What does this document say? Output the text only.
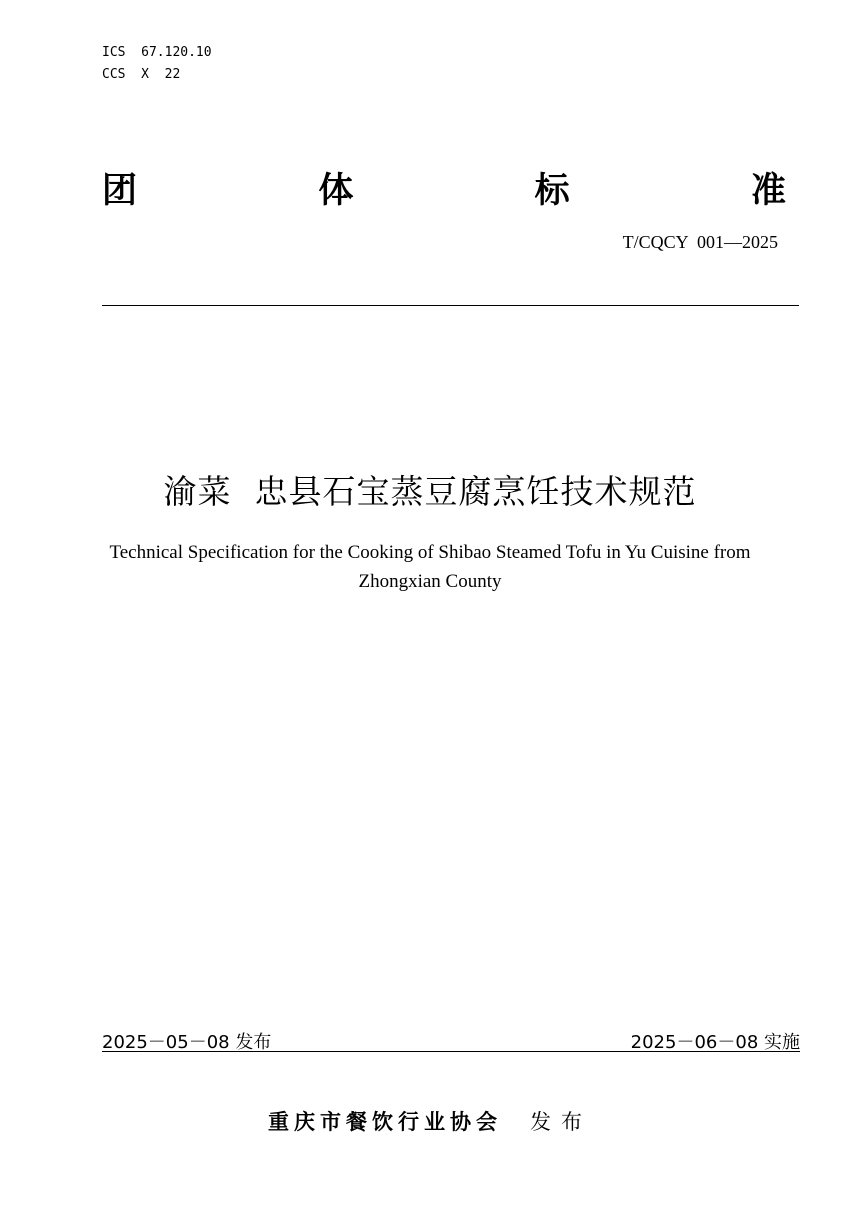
ICS  67.120.10
CCS  X  22
团	体	标	准
T/CQCY  001—2025
渝菜  忠县石宝蒸豆腐烹饪技术规范
Technical Specification for the Cooking of Shibao Steamed Tofu in Yu Cuisine from
Zhongxian County
2025－05－08 发布	2025－06－08 实施
重庆市餐饮行业协会 发布
